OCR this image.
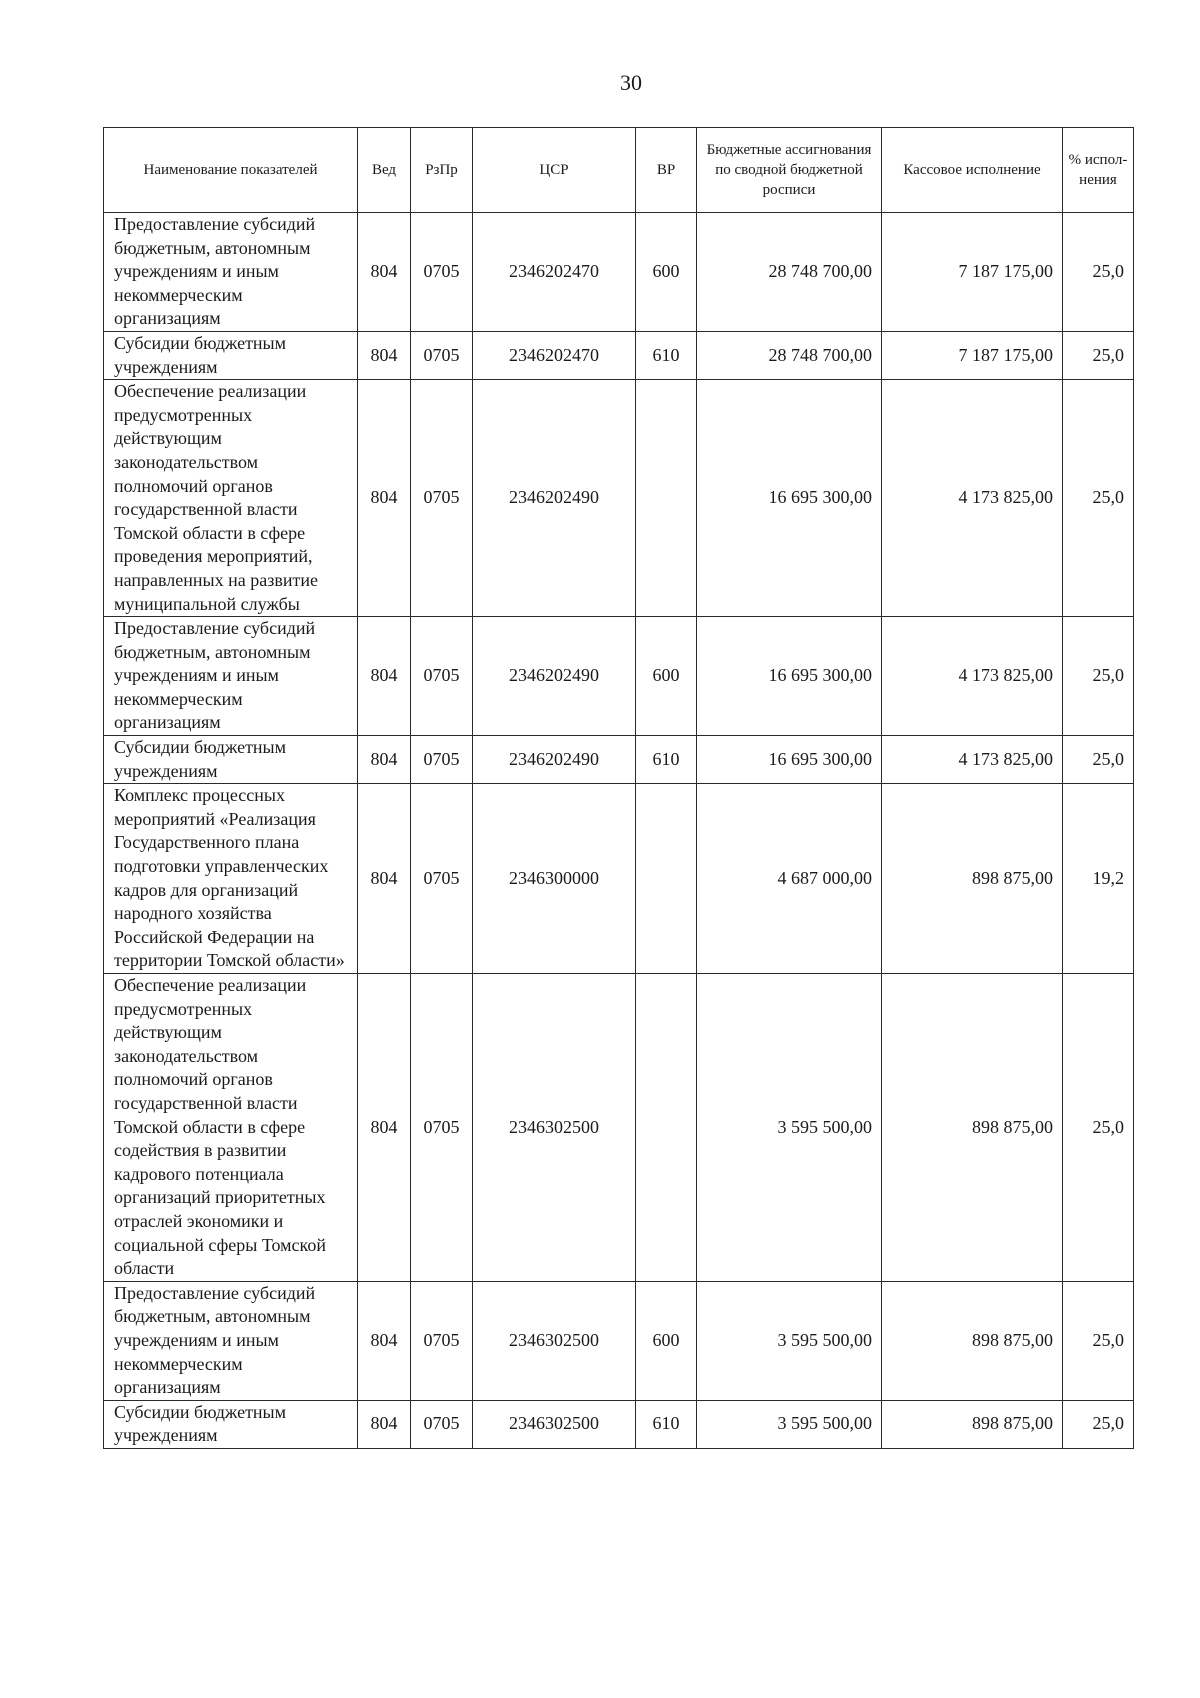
30
Наименование показателей	Вед	РзПр	ЦСР	ВР	Бюджетные ассигнования по сводной бюджетной росписи	Кассовое исполнение	% испол-нения
Предоставление субсидий бюджетным, автономным учреждениям и иным некоммерческим организациям	804	0705	2346202470	600	28 748 700,00	7 187 175,00	25,0
Субсидии бюджетным учреждениям	804	0705	2346202470	610	28 748 700,00	7 187 175,00	25,0
Обеспечение реализации предусмотренных действующим законодательством полномочий органов государственной власти Томской области в сфере проведения мероприятий, направленных на развитие муниципальной службы	804	0705	2346202490		16 695 300,00	4 173 825,00	25,0
Предоставление субсидий бюджетным, автономным учреждениям и иным некоммерческим организациям	804	0705	2346202490	600	16 695 300,00	4 173 825,00	25,0
Субсидии бюджетным учреждениям	804	0705	2346202490	610	16 695 300,00	4 173 825,00	25,0
Комплекс процессных мероприятий «Реализация Государственного плана подготовки управленческих кадров для организаций народного хозяйства Российской Федерации на территории Томской области»	804	0705	2346300000		4 687 000,00	898 875,00	19,2
Обеспечение реализации предусмотренных действующим законодательством полномочий органов государственной власти Томской области в сфере содействия в развитии кадрового потенциала организаций приоритетных отраслей экономики и социальной сферы Томской области	804	0705	2346302500		3 595 500,00	898 875,00	25,0
Предоставление субсидий бюджетным, автономным учреждениям и иным некоммерческим организациям	804	0705	2346302500	600	3 595 500,00	898 875,00	25,0
Субсидии бюджетным учреждениям	804	0705	2346302500	610	3 595 500,00	898 875,00	25,0
